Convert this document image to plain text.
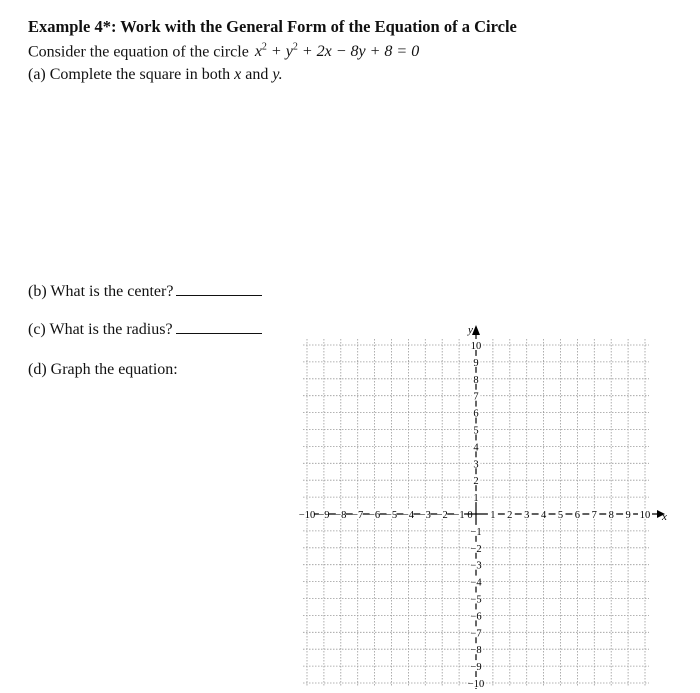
Example 4*: Work with the General Form of the Equation of a Circle
Consider the equation of the circle $x^2 + y^2 + 2x - 8y + 8 = 0$
(a) Complete the square in both x and y.
(b) What is the center?
(c) What is the radius?
(d) Graph the equation:
x
y
−10 −9 −8 −7 −6 −5 −4 −3 −2 −1 1 2 3 4 5 6 7 8 9 10
0
−10
−9
−8
−7
−6
−5
−4
−3
−2
−1
1
2
3
4
5
6
7
8
9
10
